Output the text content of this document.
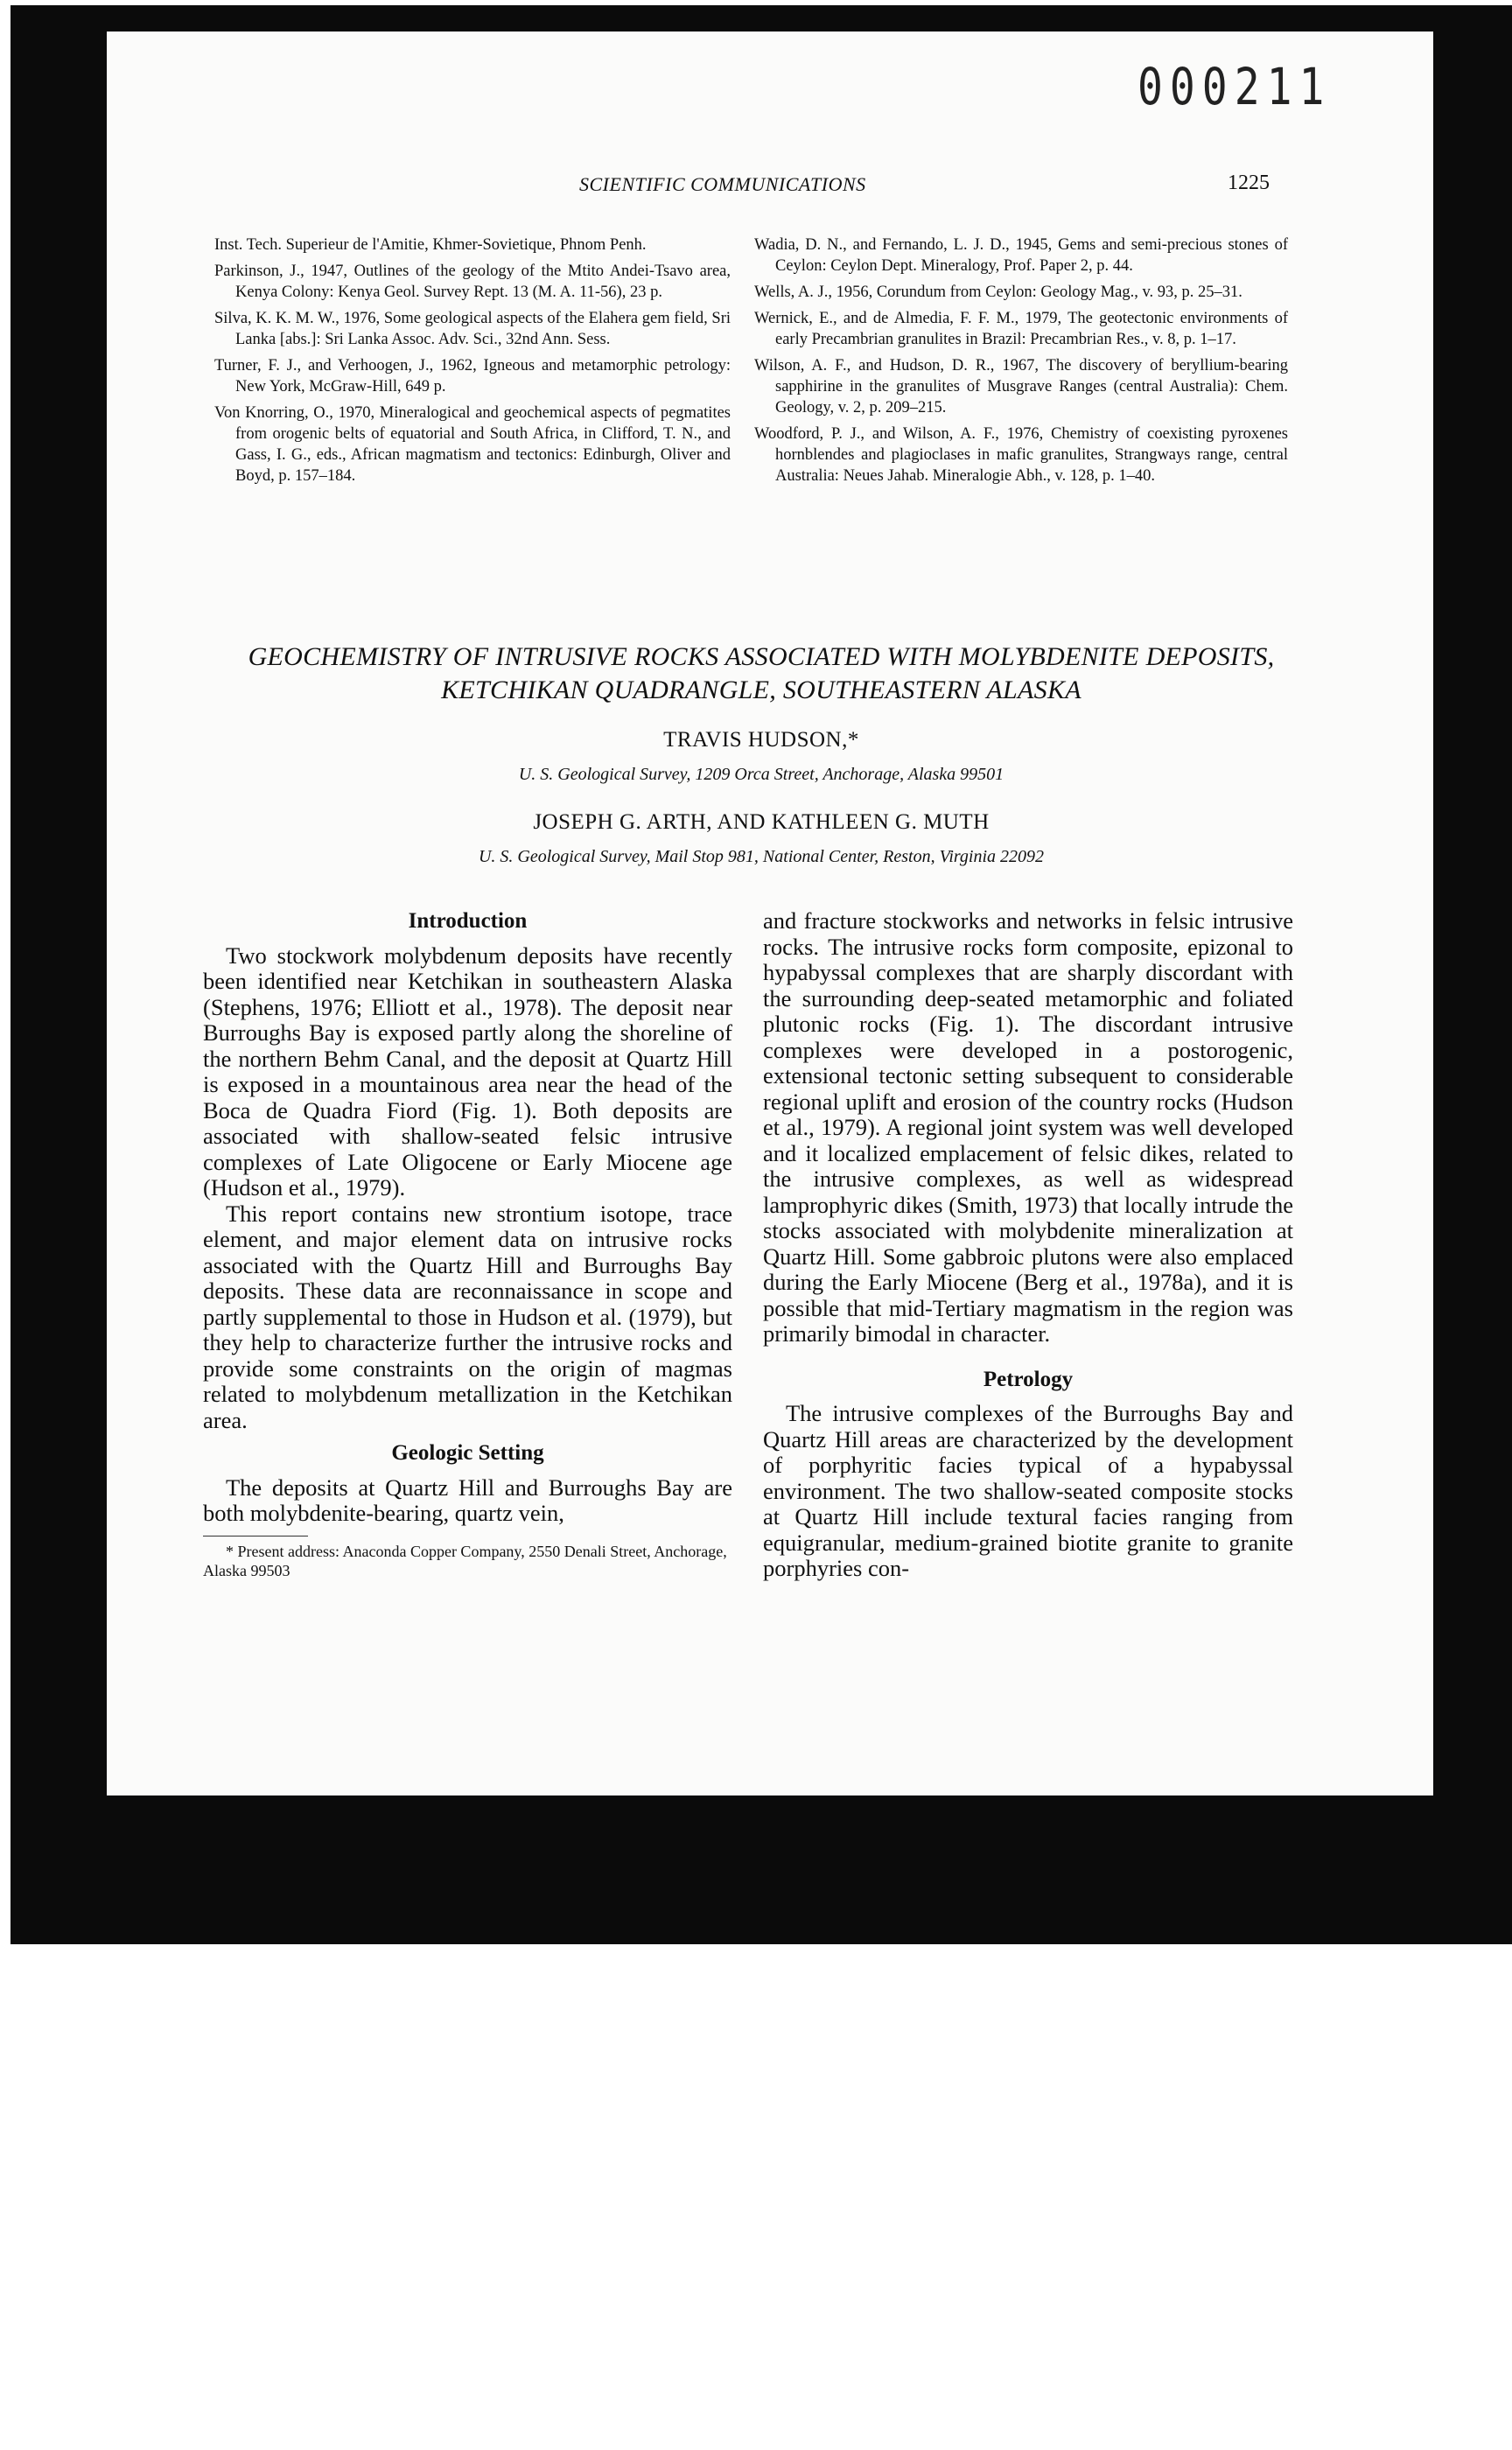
000211
SCIENTIFIC COMMUNICATIONS	1225

Inst. Tech. Superieur de l'Amitie, Khmer-Sovietique, Phnom Penh.

Parkinson, J., 1947, Outlines of the geology of the Mtito Andei-Tsavo area, Kenya Colony: Kenya Geol. Survey Rept. 13 (M. A. 11-56), 23 p.

Silva, K. K. M. W., 1976, Some geological aspects of the Elahera gem field, Sri Lanka [abs.]: Sri Lanka Assoc. Adv. Sci., 32nd Ann. Sess.

Turner, F. J., and Verhoogen, J., 1962, Igneous and metamorphic petrology: New York, McGraw-Hill, 649 p.

Von Knorring, O., 1970, Mineralogical and geochemical aspects of pegmatites from orogenic belts of equatorial and South Africa, in Clifford, T. N., and Gass, I. G., eds., African magmatism and tectonics: Edinburgh, Oliver and Boyd, p. 157–184.

Wadia, D. N., and Fernando, L. J. D., 1945, Gems and semi-precious stones of Ceylon: Ceylon Dept. Mineralogy, Prof. Paper 2, p. 44.

Wells, A. J., 1956, Corundum from Ceylon: Geology Mag., v. 93, p. 25–31.

Wernick, E., and de Almedia, F. F. M., 1979, The geotectonic environments of early Precambrian granulites in Brazil: Precambrian Res., v. 8, p. 1–17.

Wilson, A. F., and Hudson, D. R., 1967, The discovery of beryllium-bearing sapphirine in the granulites of Musgrave Ranges (central Australia): Chem. Geology, v. 2, p. 209–215.

Woodford, P. J., and Wilson, A. F., 1976, Chemistry of coexisting pyroxenes hornblendes and plagioclases in mafic granulites, Strangways range, central Australia: Neues Jahab. Mineralogie Abh., v. 128, p. 1–40.

GEOCHEMISTRY OF INTRUSIVE ROCKS ASSOCIATED WITH MOLYBDENITE DEPOSITS,
KETCHIKAN QUADRANGLE, SOUTHEASTERN ALASKA
TRAVIS HUDSON,*
U. S. Geological Survey, 1209 Orca Street, Anchorage, Alaska 99501
JOSEPH G. ARTH, AND KATHLEEN G. MUTH
U. S. Geological Survey, Mail Stop 981, National Center, Reston, Virginia 22092
Introduction

Two stockwork molybdenum deposits have recently been identified near Ketchikan in southeastern Alaska (Stephens, 1976; Elliott et al., 1978). The deposit near Burroughs Bay is exposed partly along the shoreline of the northern Behm Canal, and the deposit at Quartz Hill is exposed in a mountainous area near the head of the Boca de Quadra Fiord (Fig. 1). Both deposits are associated with shallow-seated felsic intrusive complexes of Late Oligocene or Early Miocene age (Hudson et al., 1979).

This report contains new strontium isotope, trace element, and major element data on intrusive rocks associated with the Quartz Hill and Burroughs Bay deposits. These data are reconnaissance in scope and partly supplemental to those in Hudson et al. (1979), but they help to characterize further the intrusive rocks and provide some constraints on the origin of magmas related to molybdenum metallization in the Ketchikan area.

Geologic Setting

The deposits at Quartz Hill and Burroughs Bay are both molybdenite-bearing, quartz vein,

* Present address: Anaconda Copper Company, 2550 Denali Street, Anchorage, Alaska 99503

and fracture stockworks and networks in felsic intrusive rocks. The intrusive rocks form composite, epizonal to hypabyssal complexes that are sharply discordant with the surrounding deep-seated metamorphic and foliated plutonic rocks (Fig. 1). The discordant intrusive complexes were developed in a postorogenic, extensional tectonic setting subsequent to considerable regional uplift and erosion of the country rocks (Hudson et al., 1979). A regional joint system was well developed and it localized emplacement of felsic dikes, related to the intrusive complexes, as well as widespread lamprophyric dikes (Smith, 1973) that locally intrude the stocks associated with molybdenite mineralization at Quartz Hill. Some gabbroic plutons were also emplaced during the Early Miocene (Berg et al., 1978a), and it is possible that mid-Tertiary magmatism in the region was primarily bimodal in character.

Petrology

The intrusive complexes of the Burroughs Bay and Quartz Hill areas are characterized by the development of porphyritic facies typical of a hypabyssal environment. The two shallow-seated composite stocks at Quartz Hill include textural facies ranging from equigranular, medium-grained biotite granite to granite porphyries con-
